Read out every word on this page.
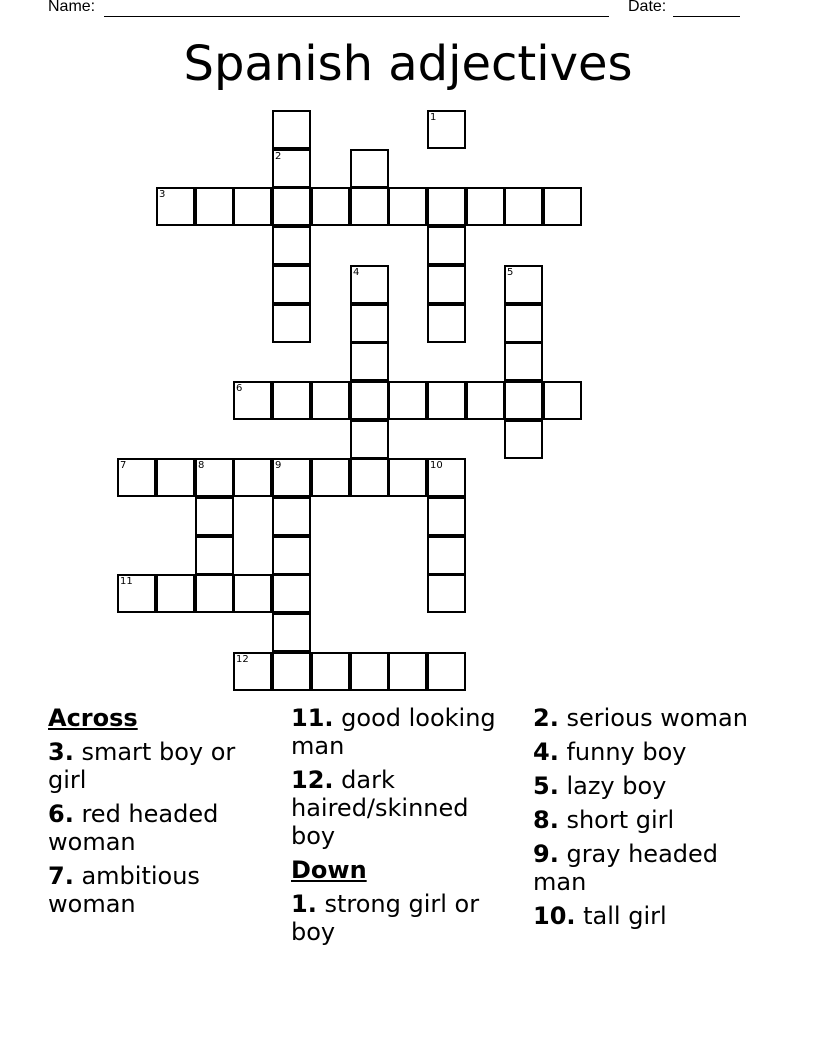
Name:	Date:
Spanish adjectives
1
2
3
4	5
6
7	8	9	10
11
12
Across
3. smart boy or girl
6. red headed woman
7. ambitious woman
11. good looking man
12. dark haired/skinned boy
Down
1. strong girl or boy
2. serious woman
4. funny boy
5. lazy boy
8. short girl
9. gray headed man
10. tall girl
